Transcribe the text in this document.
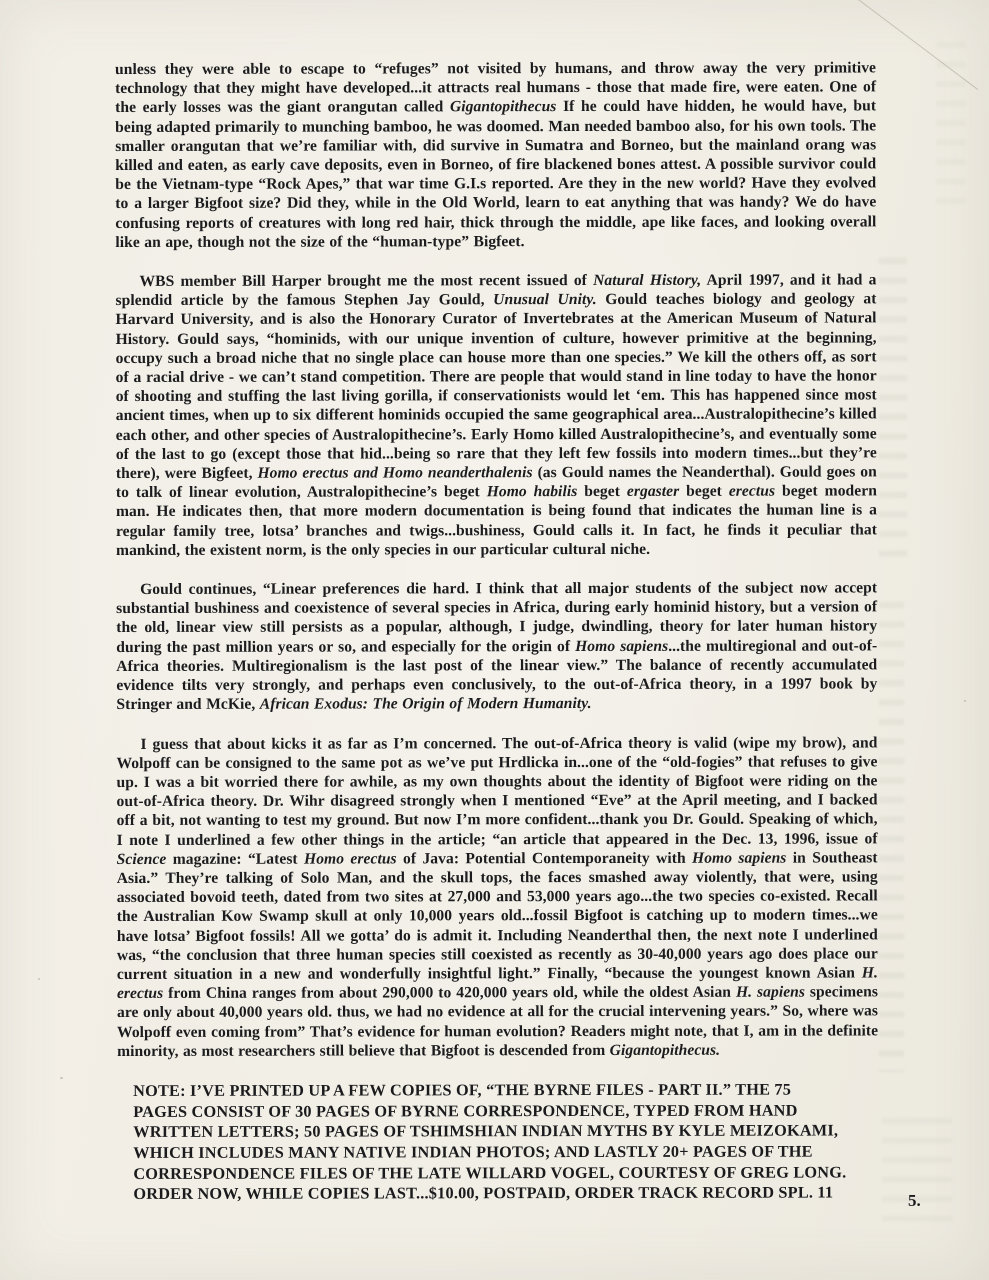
unless they were able to escape to “refuges” not visited by humans, and throw away the very primitive technology that they might have developed...it attracts real humans - those that made fire, were eaten. One of the early losses was the giant orangutan called Gigantopithecus If he could have hidden, he would have, but being adapted primarily to munching bamboo, he was doomed. Man needed bamboo also, for his own tools. The smaller orangutan that we’re familiar with, did survive in Sumatra and Borneo, but the mainland orang was killed and eaten, as early cave deposits, even in Borneo, of fire blackened bones attest. A possible survivor could be the Vietnam-type “Rock Apes,” that war time G.I.s reported. Are they in the new world? Have they evolved to a larger Bigfoot size? Did they, while in the Old World, learn to eat anything that was handy? We do have confusing reports of creatures with long red hair, thick through the middle, ape like faces, and looking overall like an ape, though not the size of the “human-type” Bigfeet.

WBS member Bill Harper brought me the most recent issued of Natural History, April 1997, and it had a splendid article by the famous Stephen Jay Gould, Unusual Unity. Gould teaches biology and geology at Harvard University, and is also the Honorary Curator of Invertebrates at the American Museum of Natural History. Gould says, “hominids, with our unique invention of culture, however primitive at the beginning, occupy such a broad niche that no single place can house more than one species.” We kill the others off, as sort of a racial drive - we can’t stand competition. There are people that would stand in line today to have the honor of shooting and stuffing the last living gorilla, if conservationists would let ‘em. This has happened since most ancient times, when up to six different hominids occupied the same geographical area...Australopithecine’s killed each other, and other species of Australopithecine’s. Early Homo killed Australopithecine’s, and eventually some of the last to go (except those that hid...being so rare that they left few fossils into modern times...but they’re there), were Bigfeet, Homo erectus and Homo neanderthalenis (as Gould names the Neanderthal). Gould goes on to talk of linear evolution, Australopithecine’s beget Homo habilis beget ergaster beget erectus beget modern man. He indicates then, that more modern documentation is being found that indicates the human line is a regular family tree, lotsa’ branches and twigs...bushiness, Gould calls it. In fact, he finds it peculiar that mankind, the existent norm, is the only species in our particular cultural niche.

Gould continues, “Linear preferences die hard. I think that all major students of the subject now accept substantial bushiness and coexistence of several species in Africa, during early hominid history, but a version of the old, linear view still persists as a popular, although, I judge, dwindling, theory for later human history during the past million years or so, and especially for the origin of Homo sapiens...the multiregional and out-of-Africa theories. Multiregionalism is the last post of the linear view.” The balance of recently accumulated evidence tilts very strongly, and perhaps even conclusively, to the out-of-Africa theory, in a 1997 book by Stringer and McKie, African Exodus: The Origin of Modern Humanity.

I guess that about kicks it as far as I’m concerned. The out-of-Africa theory is valid (wipe my brow), and Wolpoff can be consigned to the same pot as we’ve put Hrdlicka in...one of the “old-fogies” that refuses to give up. I was a bit worried there for awhile, as my own thoughts about the identity of Bigfoot were riding on the out-of-Africa theory. Dr. Wihr disagreed strongly when I mentioned “Eve” at the April meeting, and I backed off a bit, not wanting to test my ground. But now I’m more confident...thank you Dr. Gould. Speaking of which, I note I underlined a few other things in the article; “an article that appeared in the Dec. 13, 1996, issue of Science magazine: “Latest Homo erectus of Java: Potential Contemporaneity with Homo sapiens in Southeast Asia.” They’re talking of Solo Man, and the skull tops, the faces smashed away violently, that were, using associated bovoid teeth, dated from two sites at 27,000 and 53,000 years ago...the two species co-existed. Recall the Australian Kow Swamp skull at only 10,000 years old...fossil Bigfoot is catching up to modern times...we have lotsa’ Bigfoot fossils! All we gotta’ do is admit it. Including Neanderthal then, the next note I underlined was, “the conclusion that three human species still coexisted as recently as 30-40,000 years ago does place our current situation in a new and wonderfully insightful light.” Finally, “because the youngest known Asian H. erectus from China ranges from about 290,000 to 420,000 years old, while the oldest Asian H. sapiens specimens are only about 40,000 years old. thus, we had no evidence at all for the crucial intervening years.” So, where was Wolpoff even coming from” That’s evidence for human evolution? Readers might note, that I, am in the definite minority, as most researchers still believe that Bigfoot is descended from Gigantopithecus.

NOTE: I’VE PRINTED UP A FEW COPIES OF, “THE BYRNE FILES - PART II.” THE 75
PAGES CONSIST OF 30 PAGES OF BYRNE CORRESPONDENCE, TYPED FROM HAND
WRITTEN LETTERS; 50 PAGES OF TSHIMSHIAN INDIAN MYTHS BY KYLE MEIZOKAMI,
WHICH INCLUDES MANY NATIVE INDIAN PHOTOS; AND LASTLY 20+ PAGES OF THE
CORRESPONDENCE FILES OF THE LATE WILLARD VOGEL, COURTESY OF GREG LONG.
ORDER NOW, WHILE COPIES LAST...$10.00, POSTPAID, ORDER TRACK RECORD SPL. 11	5.
